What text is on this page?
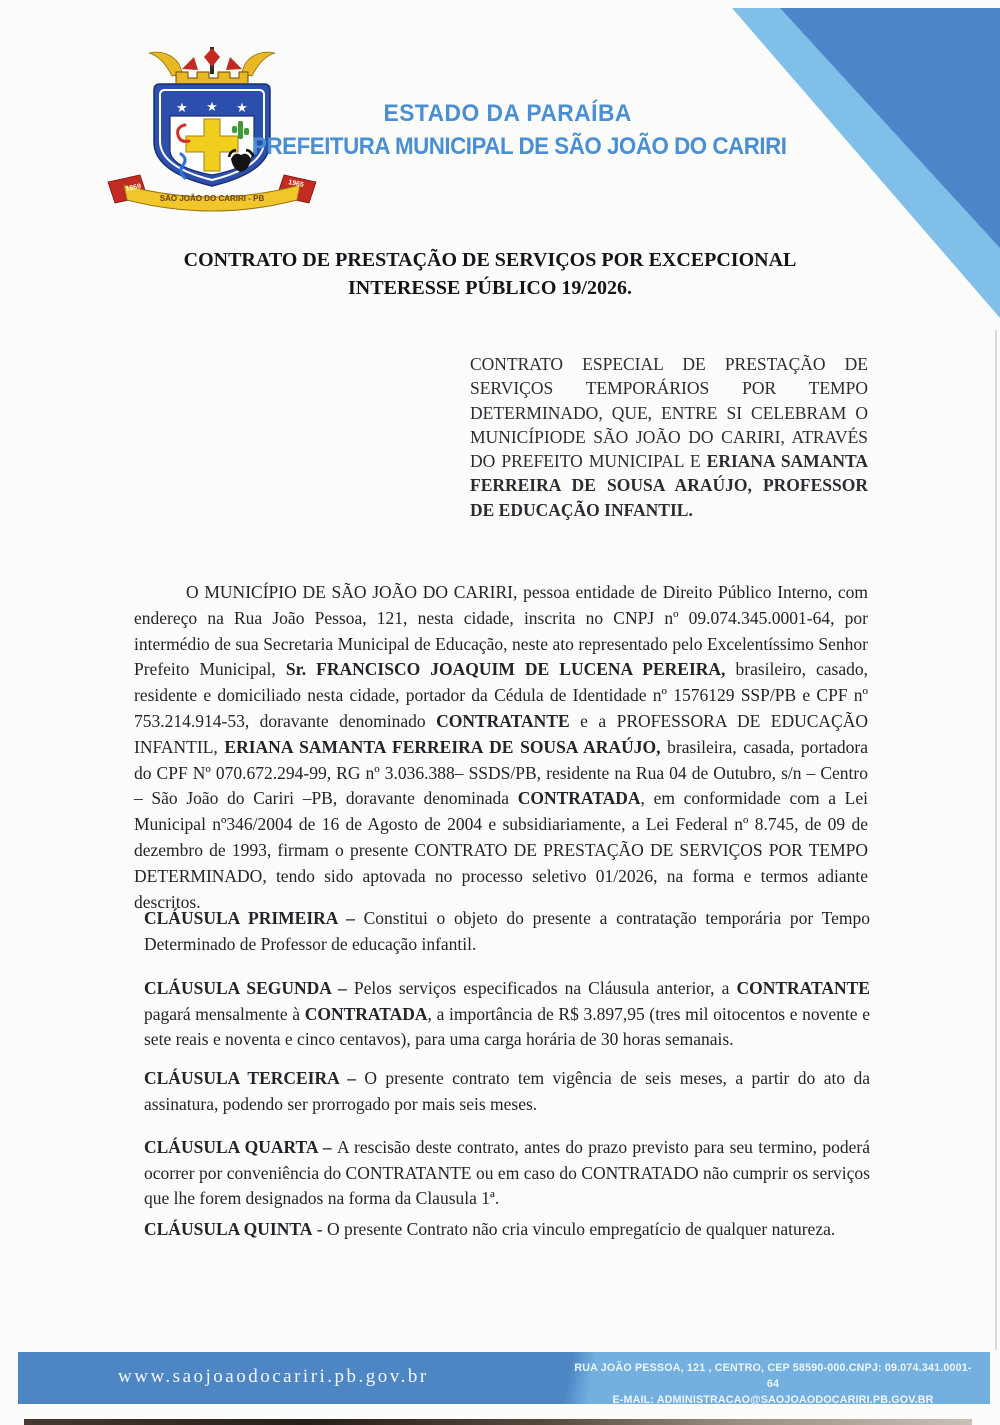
★ ★ ★
1869	1965
SÃO JOÃO DO CARIRI - PB
ESTADO DA PARAÍBA
PREFEITURA MUNICIPAL DE SÃO JOÃO DO CARIRI
CONTRATO DE PRESTAÇÃO DE SERVIÇOS POR EXCEPCIONAL
INTERESSE PÚBLICO 19/2026.
CONTRATO ESPECIAL DE PRESTAÇÃO DE SERVIÇOS TEMPORÁRIOS POR TEMPO DETERMINADO, QUE, ENTRE SI CELEBRAM O MUNICÍPIODE SÃO JOÃO DO CARIRI, ATRAVÉS DO PREFEITO MUNICIPAL E ERIANA SAMANTA FERREIRA DE SOUSA ARAÚJO, PROFESSOR DE EDUCAÇÃO INFANTIL.
O MUNICÍPIO DE SÃO JOÃO DO CARIRI, pessoa entidade de Direito Público Interno, com endereço na Rua João Pessoa, 121, nesta cidade, inscrita no CNPJ nº 09.074.345.0001-64, por intermédio de sua Secretaria Municipal de Educação, neste ato representado pelo Excelentíssimo Senhor Prefeito Municipal, Sr. FRANCISCO JOAQUIM DE LUCENA PEREIRA, brasileiro, casado, residente e domiciliado nesta cidade, portador da Cédula de Identidade nº 1576129 SSP/PB e CPF nº 753.214.914-53, doravante denominado CONTRATANTE e a PROFESSORA DE EDUCAÇÃO INFANTIL, ERIANA SAMANTA FERREIRA DE SOUSA ARAÚJO, brasileira, casada, portadora do CPF Nº 070.672.294-99, RG nº 3.036.388– SSDS/PB, residente na Rua 04 de Outubro, s/n – Centro – São João do Cariri –PB, doravante denominada CONTRATADA, em conformidade com a Lei Municipal nº346/2004 de 16 de Agosto de 2004 e subsidiariamente, a Lei Federal nº 8.745, de 09 de dezembro de 1993, firmam o presente CONTRATO DE PRESTAÇÃO DE SERVIÇOS POR TEMPO DETERMINADO, tendo sido aptovada no processo seletivo 01/2026, na forma e termos adiante descritos.

CLÁUSULA PRIMEIRA – Constitui o objeto do presente a contratação temporária por Tempo Determinado de Professor de educação infantil.

CLÁUSULA SEGUNDA – Pelos serviços especificados na Cláusula anterior, a CONTRATANTE pagará mensalmente à CONTRATADA, a importância de R$ 3.897,95 (tres mil oitocentos e novente e sete reais e noventa e cinco centavos), para uma carga horária de 30 horas semanais.

CLÁUSULA TERCEIRA – O presente contrato tem vigência de seis meses, a partir do ato da assinatura, podendo ser prorrogado por mais seis meses.

CLÁUSULA QUARTA – A rescisão deste contrato, antes do prazo previsto para seu termino, poderá ocorrer por conveniência do CONTRATANTE ou em caso do CONTRATADO não cumprir os serviços que lhe forem designados na forma da Clausula 1ª.

CLÁUSULA QUINTA - O presente Contrato não cria vinculo empregatício de qualquer natureza.

www.saojoaodocariri.pb.gov.br	RUA JOÃO PESSOA, 121 , CENTRO, CEP 58590-000.CNPJ: 09.074.341.0001-64
E-MAIL: ADMINISTRACAO@SAOJOAODOCARIRI.PB.GOV.BR
